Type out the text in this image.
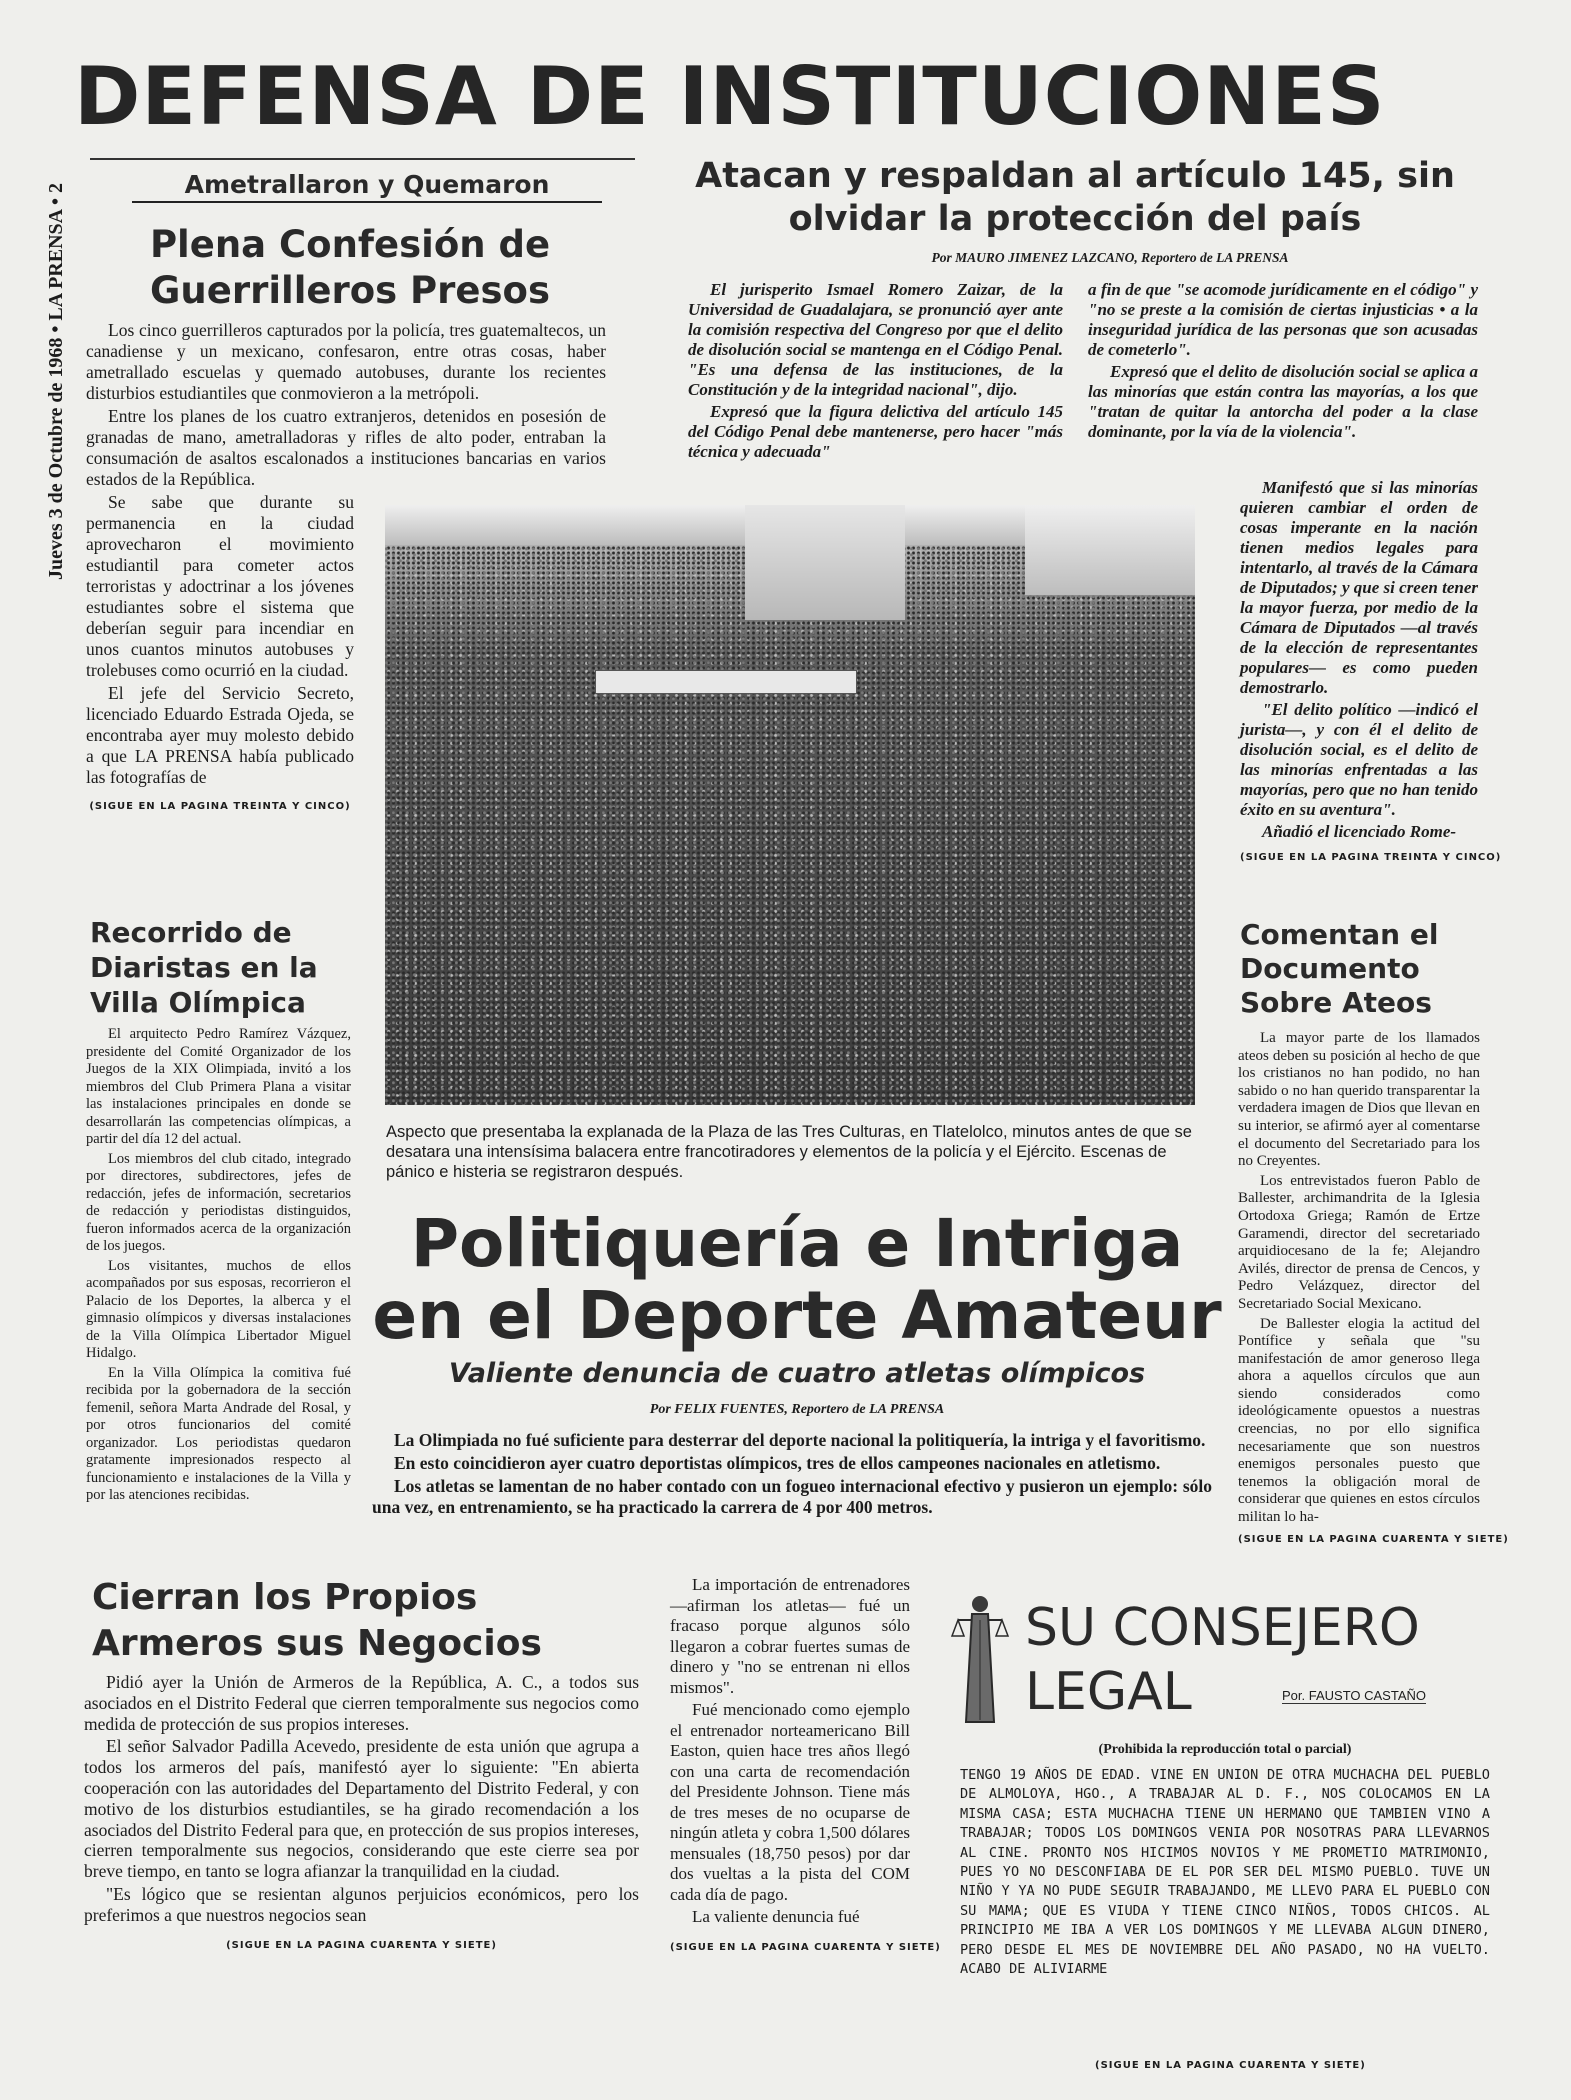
Jueves 3 de Octubre de 1968 • LA PRENSA • 2
DEFENSA DE INSTITUCIONES
Ametrallaron y Quemaron
Plena Confesión de Guerrilleros Presos

Los cinco guerrilleros capturados por la policía, tres guatemaltecos, un canadiense y un mexicano, confesaron, entre otras cosas, haber ametrallado escuelas y quemado autobuses, durante los recientes disturbios estudiantiles que conmovieron a la metrópoli.

Entre los planes de los cuatro extranjeros, detenidos en posesión de granadas de mano, ametralladoras y rifles de alto poder, entraban la consumación de asaltos escalonados a instituciones bancarias en varios estados de la República.

Se sabe que durante su permanencia en la ciudad aprovecharon el movimiento estudiantil para cometer actos terroristas y adoctrinar a los jóvenes estudiantes sobre el sistema que deberían seguir para incendiar en unos cuantos minutos autobuses y trolebuses como ocurrió en la ciudad.

El jefe del Servicio Secreto, licenciado Eduardo Estrada Ojeda, se encontraba ayer muy molesto debido a que LA PRENSA había publicado las fotografías de

(SIGUE EN LA PAGINA TREINTA Y CINCO)
Recorrido de Diaristas en la Villa Olímpica

El arquitecto Pedro Ramírez Vázquez, presidente del Comité Organizador de los Juegos de la XIX Olimpiada, invitó a los miembros del Club Primera Plana a visitar las instalaciones principales en donde se desarrollarán las competencias olímpicas, a partir del día 12 del actual.

Los miembros del club citado, integrado por directores, subdirectores, jefes de redacción, jefes de información, secretarios de redacción y periodistas distinguidos, fueron informados acerca de la organización de los juegos.

Los visitantes, muchos de ellos acompañados por sus esposas, recorrieron el Palacio de los Deportes, la alberca y el gimnasio olímpicos y diversas instalaciones de la Villa Olímpica Libertador Miguel Hidalgo.

En la Villa Olímpica la comitiva fué recibida por la gobernadora de la sección femenil, señora Marta Andrade del Rosal, y por otros funcionarios del comité organizador. Los periodistas quedaron gratamente impresionados respecto al funcionamiento e instalaciones de la Villa y por las atenciones recibidas.

Atacan y respaldan al artículo 145, sin olvidar la protección del país
Por MAURO JIMENEZ LAZCANO, Reportero de LA PRENSA

El jurisperito Ismael Romero Zaizar, de la Universidad de Guadalajara, se pronunció ayer ante la comisión respectiva del Congreso por que el delito de disolución social se mantenga en el Código Penal. "Es una defensa de las instituciones, de la Constitución y de la integridad nacional", dijo.

Expresó que la figura delictiva del artículo 145 del Código Penal debe mantenerse, pero hacer "más técnica y adecuada"

a fin de que "se acomode jurídicamente en el código" y "no se preste a la comisión de ciertas injusticias • a la inseguridad jurídica de las personas que son acusadas de cometerlo".

Expresó que el delito de disolución social se aplica a las minorías que están contra las mayorías, a los que "tratan de quitar la antorcha del poder a la clase dominante, por la vía de la violencia".

Manifestó que si las minorías quieren cambiar el orden de cosas imperante en la nación tienen medios legales para intentarlo, al través de la Cámara de Diputados; y que si creen tener la mayor fuerza, por medio de la Cámara de Diputados —al través de la elección de representantes populares— es como pueden demostrarlo.

"El delito político —indicó el jurista—, y con él el delito de disolución social, es el delito de las minorías enfrentadas a las mayorías, pero que no han tenido éxito en su aventura".

Añadió el licenciado Rome-

(SIGUE EN LA PAGINA TREINTA Y CINCO)
Aspecto que presentaba la explanada de la Plaza de las Tres Culturas, en Tlatelolco, minutos antes de que se desatara una intensísima balacera entre francotiradores y elementos de la policía y el Ejército. Escenas de pánico e histeria se registraron después.
Comentan el Documento Sobre Ateos

La mayor parte de los llamados ateos deben su posición al hecho de que los cristianos no han podido, no han sabido o no han querido transparentar la verdadera imagen de Dios que llevan en su interior, se afirmó ayer al comentarse el documento del Secretariado para los no Creyentes.

Los entrevistados fueron Pablo de Ballester, archimandrita de la Iglesia Ortodoxa Griega; Ramón de Ertze Garamendi, director del secretariado arquidiocesano de la fe; Alejandro Avilés, director de prensa de Cencos, y Pedro Velázquez, director del Secretariado Social Mexicano.

De Ballester elogia la actitud del Pontífice y señala que "su manifestación de amor generoso llega ahora a aquellos círculos que aun siendo considerados como ideológicamente opuestos a nuestras creencias, no por ello significa necesariamente que son nuestros enemigos personales puesto que tenemos la obligación moral de considerar que quienes en estos círculos militan lo ha-

(SIGUE EN LA PAGINA CUARENTA Y SIETE)
Politiquería e Intriga
en el Deporte Amateur
Valiente denuncia de cuatro atletas olímpicos
Por FELIX FUENTES, Reportero de LA PRENSA

La Olimpiada no fué suficiente para desterrar del deporte nacional la politiquería, la intriga y el favoritismo.

En esto coincidieron ayer cuatro deportistas olímpicos, tres de ellos campeones nacionales en atletismo.

Los atletas se lamentan de no haber contado con un fogueo internacional efectivo y pusieron un ejemplo: sólo una vez, en entrenamiento, se ha practicado la carrera de 4 por 400 metros.

La importación de entrenadores —afirman los atletas— fué un fracaso porque algunos sólo llegaron a cobrar fuertes sumas de dinero y "no se entrenan ni ellos mismos".

Fué mencionado como ejemplo el entrenador norteamericano Bill Easton, quien hace tres años llegó con una carta de recomendación del Presidente Johnson. Tiene más de tres meses de no ocuparse de ningún atleta y cobra 1,500 dólares mensuales (18,750 pesos) por dar dos vueltas a la pista del COM cada día de pago.

La valiente denuncia fué

(SIGUE EN LA PAGINA CUARENTA Y SIETE)
Cierran los Propios Armeros sus Negocios

Pidió ayer la Unión de Armeros de la República, A. C., a todos sus asociados en el Distrito Federal que cierren temporalmente sus negocios como medida de protección de sus propios intereses.

El señor Salvador Padilla Acevedo, presidente de esta unión que agrupa a todos los armeros del país, manifestó ayer lo siguiente: "En abierta cooperación con las autoridades del Departamento del Distrito Federal, y con motivo de los disturbios estudiantiles, se ha girado recomendación a los asociados del Distrito Federal para que, en protección de sus propios intereses, cierren temporalmente sus negocios, considerando que este cierre sea por breve tiempo, en tanto se logra afianzar la tranquilidad en la ciudad.

"Es lógico que se resientan algunos perjuicios económicos, pero los preferimos a que nuestros negocios sean

(SIGUE EN LA PAGINA CUARENTA Y SIETE)
SU CONSEJERO
LEGAL	Por. FAUSTO CASTAÑO
(Prohibida la reproducción total o parcial)
TENGO 19 AÑOS DE EDAD. VINE EN UNION DE OTRA MUCHACHA DEL PUEBLO DE ALMOLOYA, HGO., A TRABAJAR AL D. F., NOS COLOCAMOS EN LA MISMA CASA; ESTA MUCHACHA TIENE UN HERMANO QUE TAMBIEN VINO A TRABAJAR; TODOS LOS DOMINGOS VENIA POR NOSOTRAS PARA LLEVARNOS AL CINE. PRONTO NOS HICIMOS NOVIOS Y ME PROMETIO MATRIMONIO, PUES YO NO DESCONFIABA DE EL POR SER DEL MISMO PUEBLO. TUVE UN NIÑO Y YA NO PUDE SEGUIR TRABAJANDO, ME LLEVO PARA EL PUEBLO CON SU MAMA; QUE ES VIUDA Y TIENE CINCO NIÑOS, TODOS CHICOS. AL PRINCIPIO ME IBA A VER LOS DOMINGOS Y ME LLEVABA ALGUN DINERO, PERO DESDE EL MES DE NOVIEMBRE DEL AÑO PASADO, NO HA VUELTO. ACABO DE ALIVIARME
(SIGUE EN LA PAGINA CUARENTA Y SIETE)
